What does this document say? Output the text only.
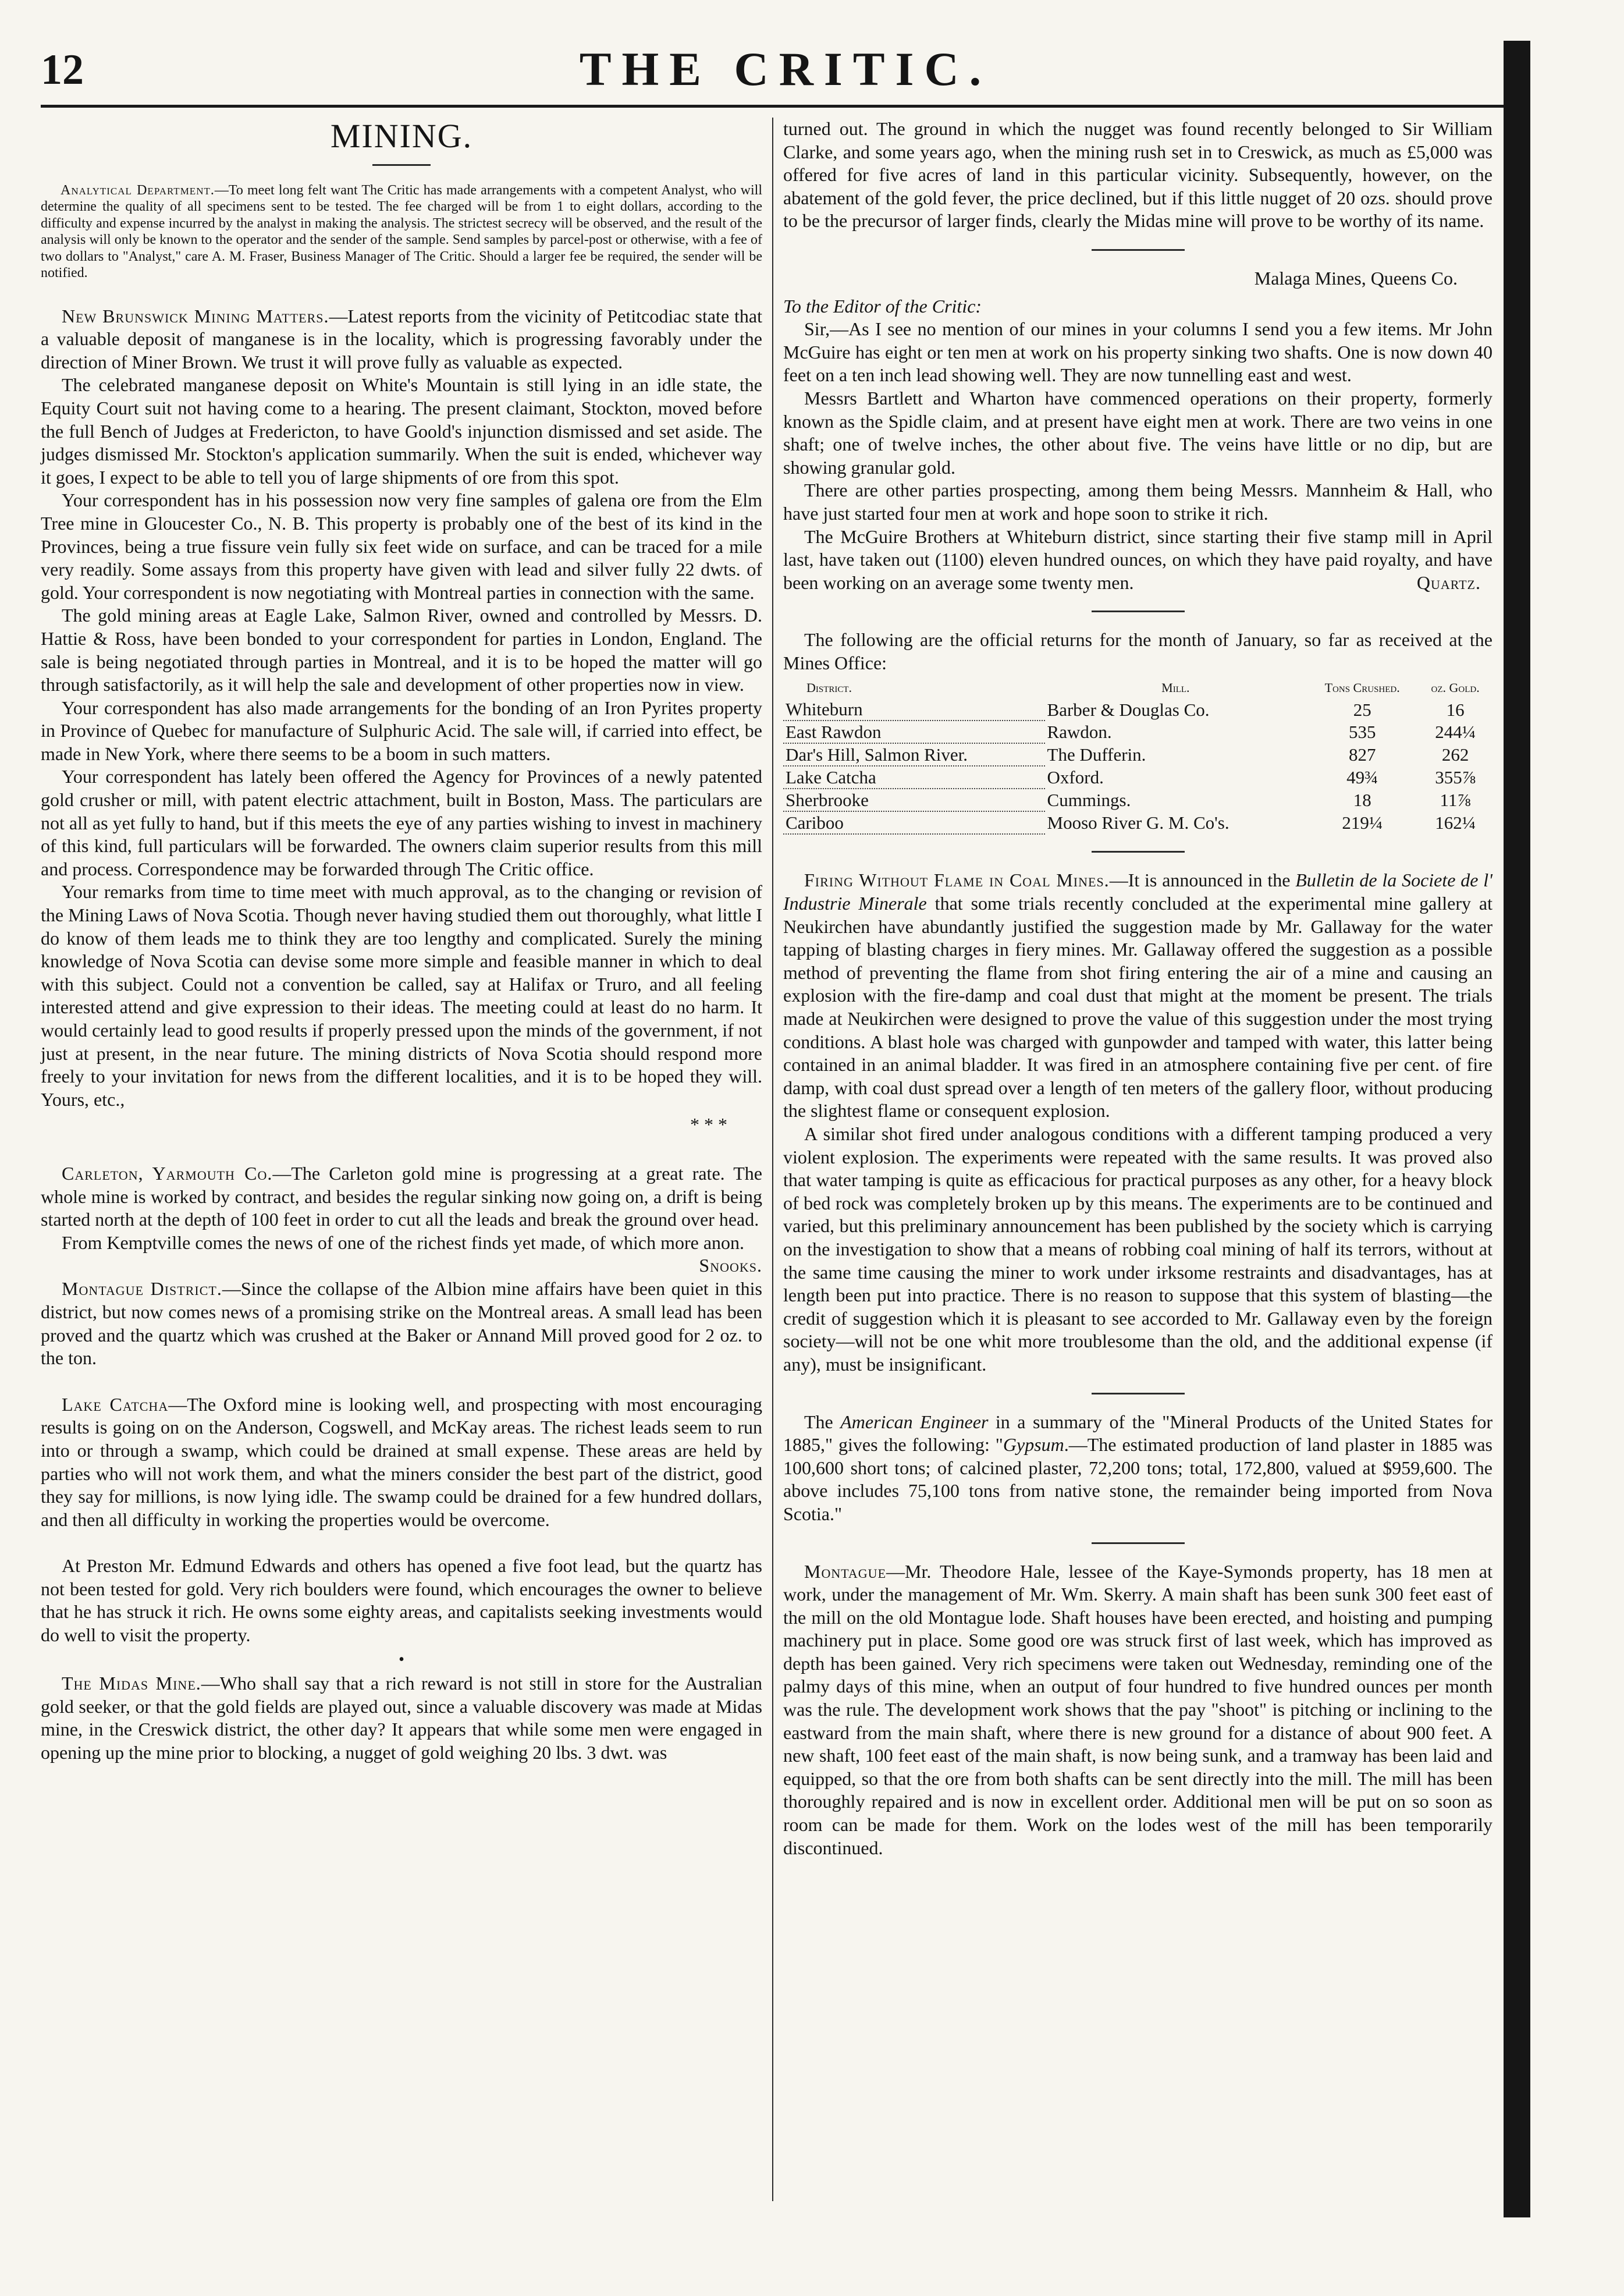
12	THE CRITIC.
MINING.

Analytical Department.—To meet long felt want The Critic has made arrangements with a competent Analyst, who will determine the quality of all specimens sent to be tested. The fee charged will be from 1 to eight dollars, according to the difficulty and expense incurred by the analyst in making the analysis. The strictest secrecy will be observed, and the result of the analysis will only be known to the operator and the sender of the sample. Send samples by parcel-post or otherwise, with a fee of two dollars to "Analyst," care A. M. Fraser, Business Manager of The Critic. Should a larger fee be required, the sender will be notified.

New Brunswick Mining Matters.—Latest reports from the vicinity of Petitcodiac state that a valuable deposit of manganese is in the locality, which is progressing favorably under the direction of Miner Brown. We trust it will prove fully as valuable as expected.

The celebrated manganese deposit on White's Mountain is still lying in an idle state, the Equity Court suit not having come to a hearing. The present claimant, Stockton, moved before the full Bench of Judges at Fredericton, to have Goold's injunction dismissed and set aside. The judges dismissed Mr. Stockton's application summarily. When the suit is ended, whichever way it goes, I expect to be able to tell you of large shipments of ore from this spot.

Your correspondent has in his possession now very fine samples of galena ore from the Elm Tree mine in Gloucester Co., N. B. This property is probably one of the best of its kind in the Provinces, being a true fissure vein fully six feet wide on surface, and can be traced for a mile very readily. Some assays from this property have given with lead and silver fully 22 dwts. of gold. Your correspondent is now negotiating with Montreal parties in connection with the same.

The gold mining areas at Eagle Lake, Salmon River, owned and controlled by Messrs. D. Hattie & Ross, have been bonded to your correspondent for parties in London, England. The sale is being negotiated through parties in Montreal, and it is to be hoped the matter will go through satisfactorily, as it will help the sale and development of other properties now in view.

Your correspondent has also made arrangements for the bonding of an Iron Pyrites property in Province of Quebec for manufacture of Sulphuric Acid. The sale will, if carried into effect, be made in New York, where there seems to be a boom in such matters.

Your correspondent has lately been offered the Agency for Provinces of a newly patented gold crusher or mill, with patent electric attachment, built in Boston, Mass. The particulars are not all as yet fully to hand, but if this meets the eye of any parties wishing to invest in machinery of this kind, full particulars will be forwarded. The owners claim superior results from this mill and process. Correspondence may be forwarded through The Critic office.

Your remarks from time to time meet with much approval, as to the changing or revision of the Mining Laws of Nova Scotia. Though never having studied them out thoroughly, what little I do know of them leads me to think they are too lengthy and complicated. Surely the mining knowledge of Nova Scotia can devise some more simple and feasible manner in which to deal with this subject. Could not a convention be called, say at Halifax or Truro, and all feeling interested attend and give expression to their ideas. The meeting could at least do no harm. It would certainly lead to good results if properly pressed upon the minds of the government, if not just at present, in the near future. The mining districts of Nova Scotia should respond more freely to your invitation for news from the different localities, and it is to be hoped they will. Yours, etc.,

* * *

Carleton, Yarmouth Co.—The Carleton gold mine is progressing at a great rate. The whole mine is worked by contract, and besides the regular sinking now going on, a drift is being started north at the depth of 100 feet in order to cut all the leads and break the ground over head.

From Kemptville comes the news of one of the richest finds yet made, of which more anon.
Snooks.

Montague District.—Since the collapse of the Albion mine affairs have been quiet in this district, but now comes news of a promising strike on the Montreal areas. A small lead has been proved and the quartz which was crushed at the Baker or Annand Mill proved good for 2 oz. to the ton.

Lake Catcha—The Oxford mine is looking well, and prospecting with most encouraging results is going on on the Anderson, Cogswell, and McKay areas. The richest leads seem to run into or through a swamp, which could be drained at small expense. These areas are held by parties who will not work them, and what the miners consider the best part of the district, good they say for millions, is now lying idle. The swamp could be drained for a few hundred dollars, and then all difficulty in working the properties would be overcome.

At Preston Mr. Edmund Edwards and others has opened a five foot lead, but the quartz has not been tested for gold. Very rich boulders were found, which encourages the owner to believe that he has struck it rich. He owns some eighty areas, and capitalists seeking investments would do well to visit the property.

•

The Midas Mine.—Who shall say that a rich reward is not still in store for the Australian gold seeker, or that the gold fields are played out, since a valuable discovery was made at Midas mine, in the Creswick district, the other day? It appears that while some men were engaged in opening up the mine prior to blocking, a nugget of gold weighing 20 lbs. 3 dwt. was

turned out. The ground in which the nugget was found recently belonged to Sir William Clarke, and some years ago, when the mining rush set in to Creswick, as much as £5,000 was offered for five acres of land in this particular vicinity. Subsequently, however, on the abatement of the gold fever, the price declined, but if this little nugget of 20 ozs. should prove to be the precursor of larger finds, clearly the Midas mine will prove to be worthy of its name.

Malaga Mines, Queens Co.

To the Editor of the Critic:

Sir,—As I see no mention of our mines in your columns I send you a few items. Mr John McGuire has eight or ten men at work on his property sinking two shafts. One is now down 40 feet on a ten inch lead showing well. They are now tunnelling east and west.

Messrs Bartlett and Wharton have commenced operations on their property, formerly known as the Spidle claim, and at present have eight men at work. There are two veins in one shaft; one of twelve inches, the other about five. The veins have little or no dip, but are showing granular gold.

There are other parties prospecting, among them being Messrs. Mannheim & Hall, who have just started four men at work and hope soon to strike it rich.

The McGuire Brothers at Whiteburn district, since starting their five stamp mill in April last, have taken out (1100) eleven hundred ounces, on which they have paid royalty, and have been working on an average some twenty men.	Quartz.

The following are the official returns for the month of January, so far as received at the Mines Office:

District.	Mill.	Tons Crushed.	oz. Gold.
Whiteburn	Barber & Douglas Co.	25	16
East Rawdon	Rawdon.	535	244¼
Dar's Hill, Salmon River.	The Dufferin.	827	262
Lake Catcha	Oxford.	49¾	355⅞
Sherbrooke	Cummings.	18	11⅞
Cariboo	Mooso River G. M. Co's.	219¼	162¼

Firing Without Flame in Coal Mines.—It is announced in the Bulletin de la Societe de l' Industrie Minerale that some trials recently concluded at the experimental mine gallery at Neukirchen have abundantly justified the suggestion made by Mr. Gallaway for the water tapping of blasting charges in fiery mines. Mr. Gallaway offered the suggestion as a possible method of preventing the flame from shot firing entering the air of a mine and causing an explosion with the fire-damp and coal dust that might at the moment be present. The trials made at Neukirchen were designed to prove the value of this suggestion under the most trying conditions. A blast hole was charged with gunpowder and tamped with water, this latter being contained in an animal bladder. It was fired in an atmosphere containing five per cent. of fire damp, with coal dust spread over a length of ten meters of the gallery floor, without producing the slightest flame or consequent explosion.

A similar shot fired under analogous conditions with a different tamping produced a very violent explosion. The experiments were repeated with the same results. It was proved also that water tamping is quite as efficacious for practical purposes as any other, for a heavy block of bed rock was completely broken up by this means. The experiments are to be continued and varied, but this preliminary announcement has been published by the society which is carrying on the investigation to show that a means of robbing coal mining of half its terrors, without at the same time causing the miner to work under irksome restraints and disadvantages, has at length been put into practice. There is no reason to suppose that this system of blasting—the credit of suggestion which it is pleasant to see accorded to Mr. Gallaway even by the foreign society—will not be one whit more troublesome than the old, and the additional expense (if any), must be insignificant.

The American Engineer in a summary of the "Mineral Products of the United States for 1885," gives the following: "Gypsum.—The estimated production of land plaster in 1885 was 100,600 short tons; of calcined plaster, 72,200 tons; total, 172,800, valued at $959,600. The above includes 75,100 tons from native stone, the remainder being imported from Nova Scotia."

Montague—Mr. Theodore Hale, lessee of the Kaye-Symonds property, has 18 men at work, under the management of Mr. Wm. Skerry. A main shaft has been sunk 300 feet east of the mill on the old Montague lode. Shaft houses have been erected, and hoisting and pumping machinery put in place. Some good ore was struck first of last week, which has improved as depth has been gained. Very rich specimens were taken out Wednesday, reminding one of the palmy days of this mine, when an output of four hundred to five hundred ounces per month was the rule. The development work shows that the pay "shoot" is pitching or inclining to the eastward from the main shaft, where there is new ground for a distance of about 900 feet. A new shaft, 100 feet east of the main shaft, is now being sunk, and a tramway has been laid and equipped, so that the ore from both shafts can be sent directly into the mill. The mill has been thoroughly repaired and is now in excellent order. Additional men will be put on so soon as room can be made for them. Work on the lodes west of the mill has been temporarily discontinued.
